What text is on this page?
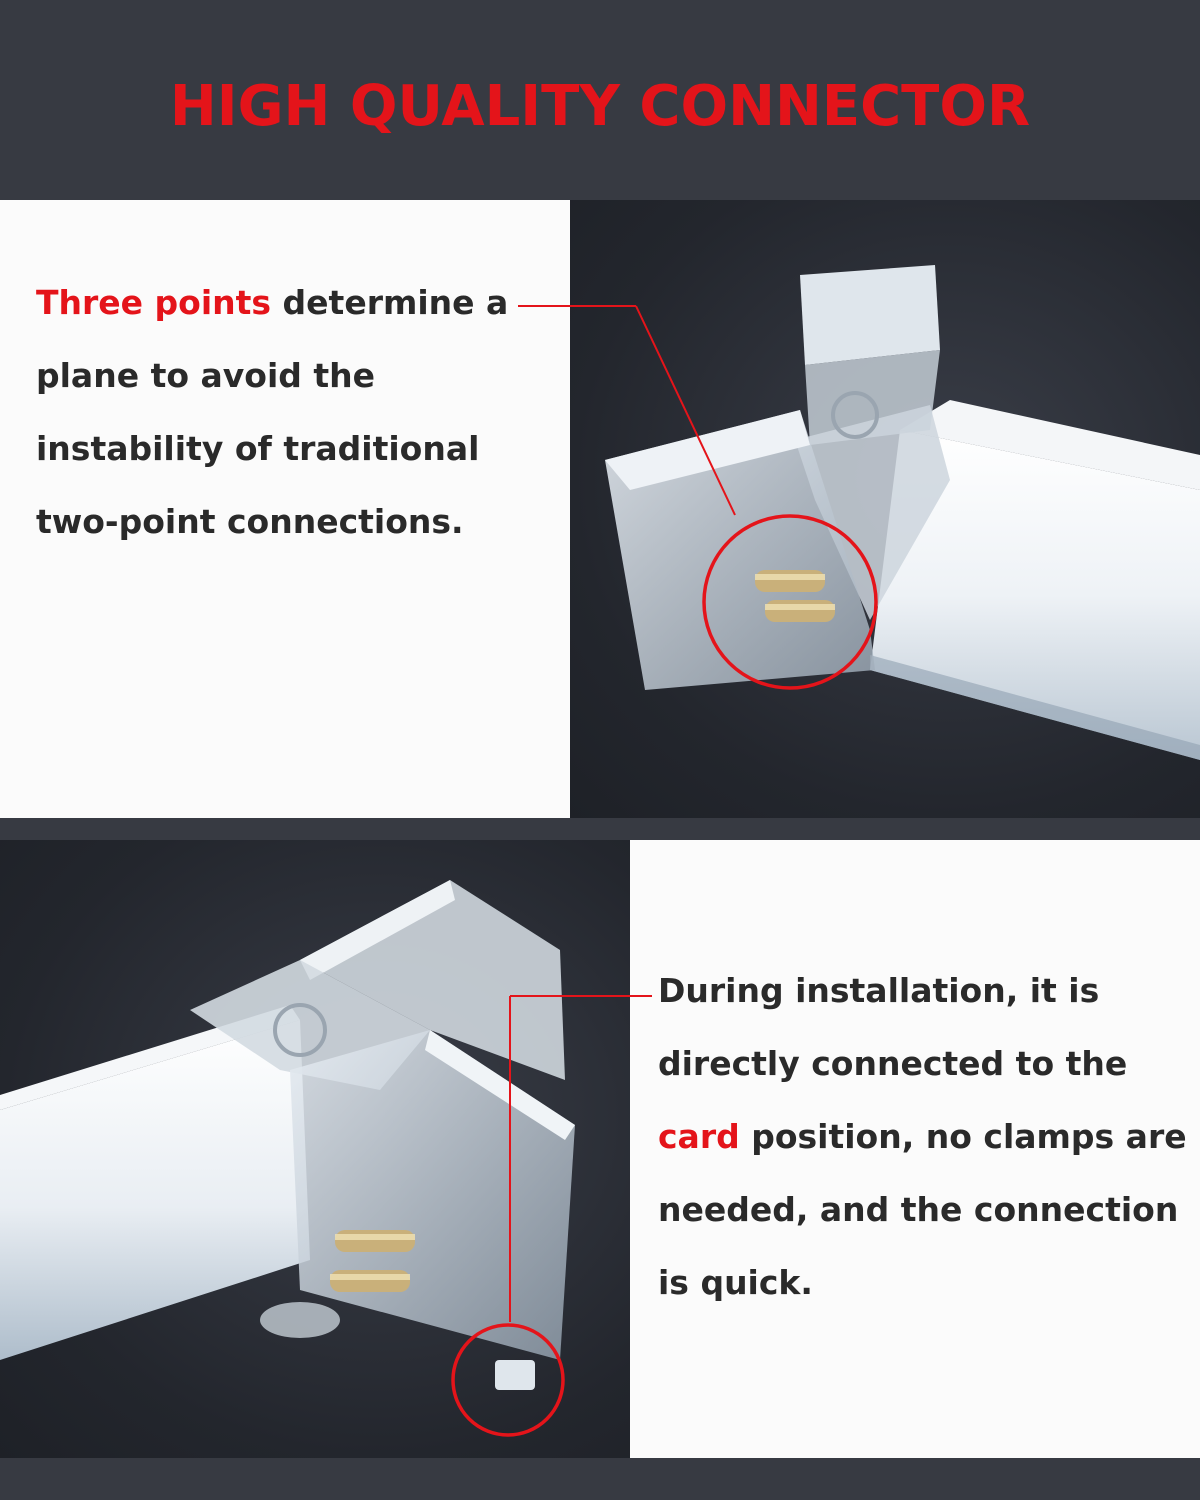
HIGH QUALITY CONNECTOR
Three points determine a plane to avoid the instability of traditional two-point connections.
During installation, it is directly connected to the card position, no clamps are needed, and the connection is quick.
